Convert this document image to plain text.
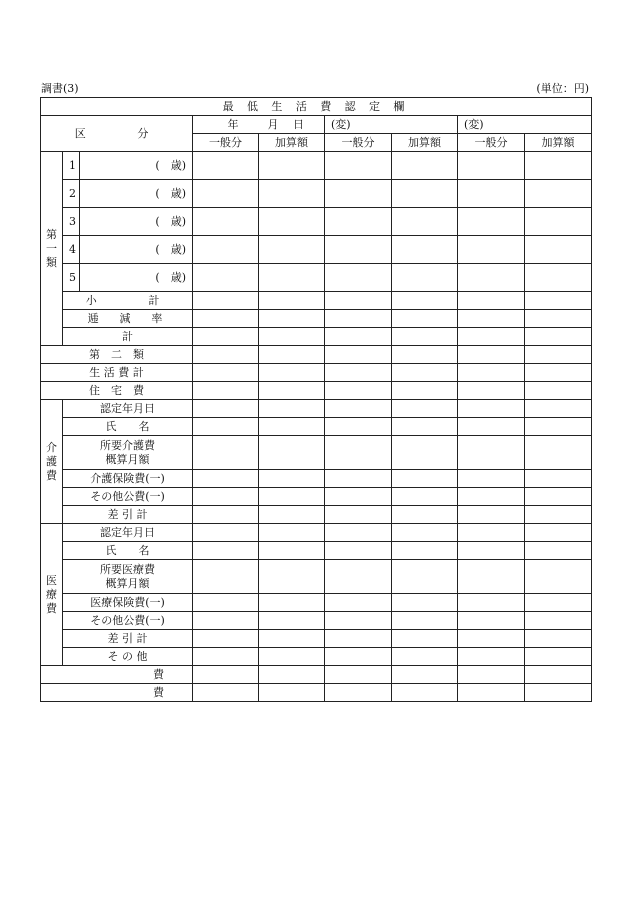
調書(3)	(単位：円)
最 低 生 活 費 認 定 欄								
区　　分			年 月 日		(変)		(変)	
			一般分	加算額	一般分	加算額	一般分	加算額

第
一
類	1	(　歳)						
	2	(　歳)						
	3	(　歳)						
	4	(　歳)						
	5	(　歳)						
	小　　計							
	逓　減　率							
	計							
第　二　類								
生 活 費 計								
住　宅　費								

介
護
費	認定年月日							
	氏　　名							

	所要介護費
概算月額							

	介護保険費(一)							
	その他公費(一)							
	差 引 計							

医
療
費	認定年月日							
	氏　　名							

	所要医療費
概算月額							

	医療保険費(一)							
	その他公費(一)							
	差 引 計							
	そ の 他							
費								
費								
